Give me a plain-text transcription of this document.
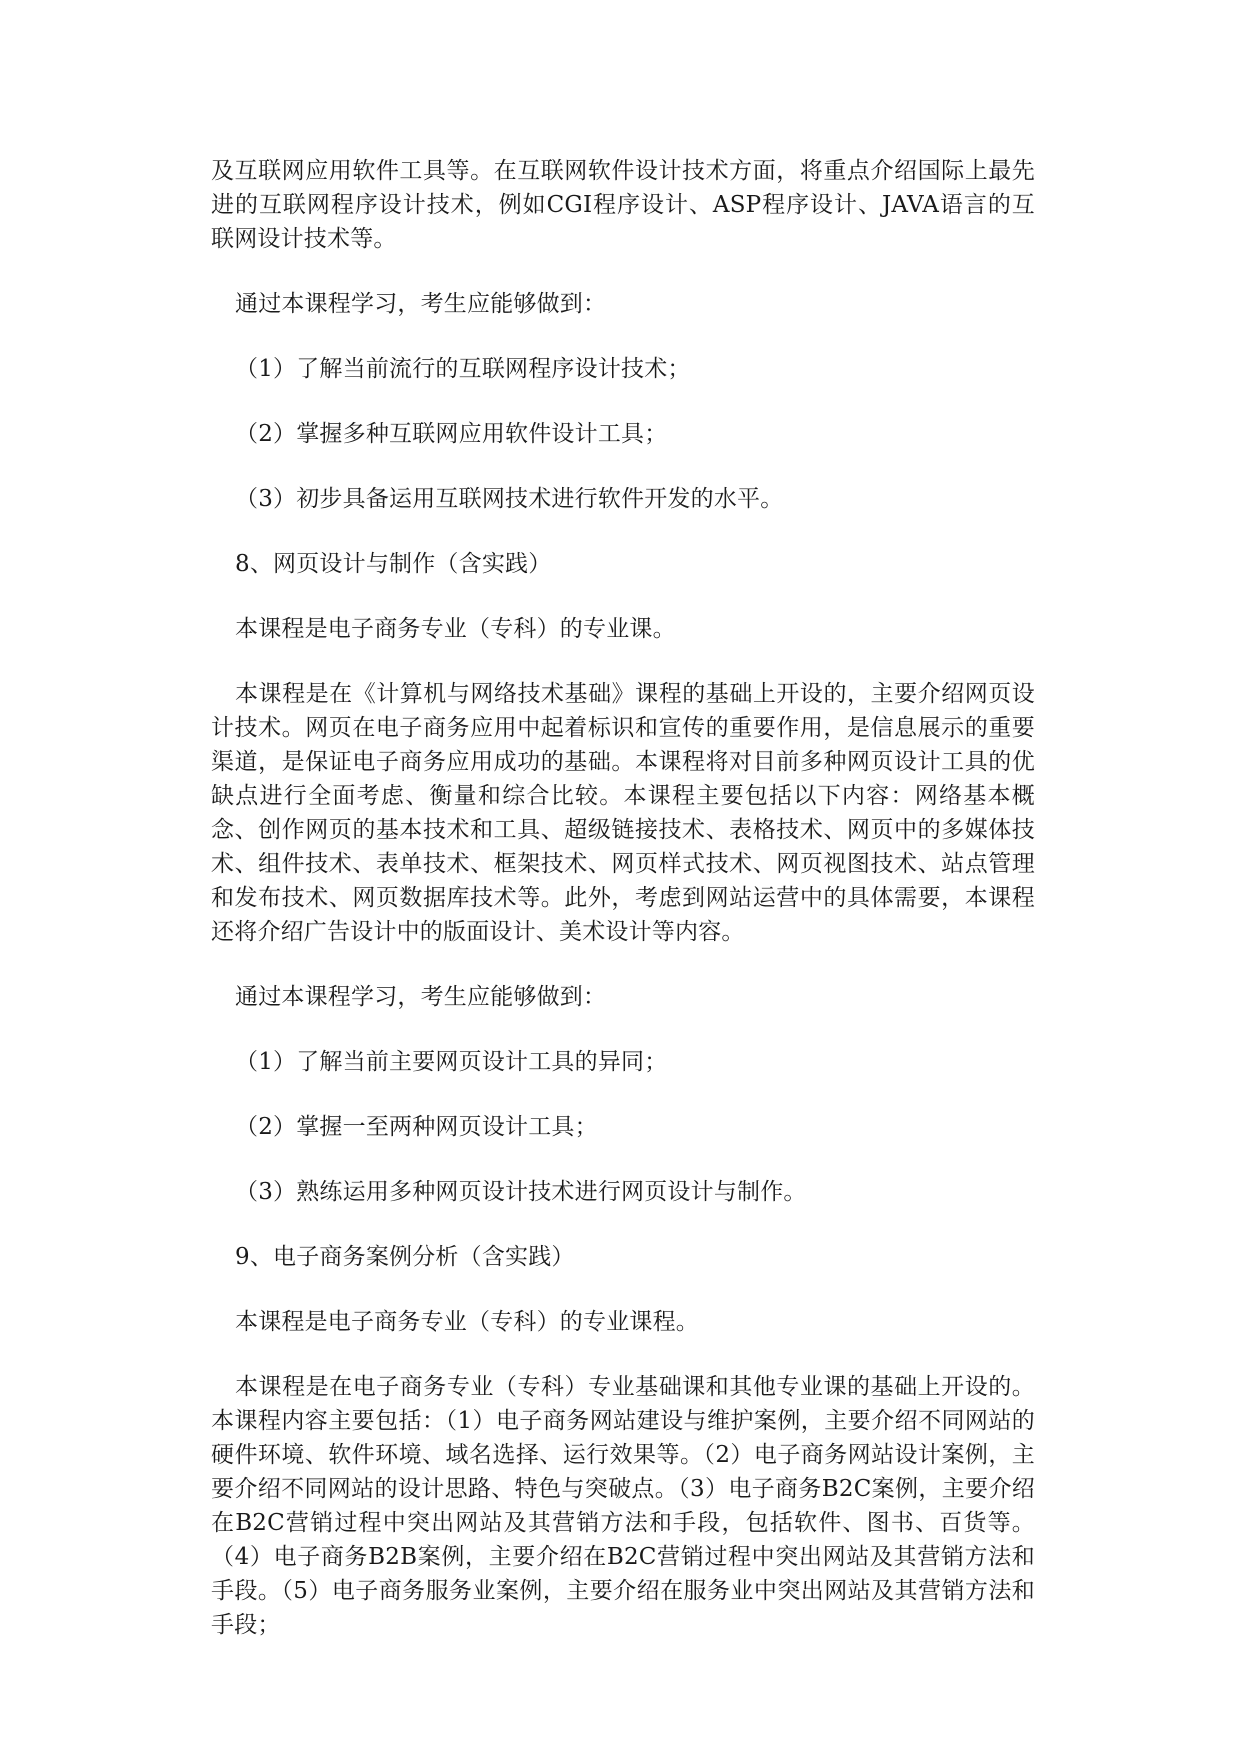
及互联网应用软件工具等。在互联网软件设计技术方面，将重点介绍国际上最先进的互联网程序设计技术，例如CGI程序设计、ASP程序设计、JAVA语言的互联网设计技术等。

通过本课程学习，考生应能够做到：

（1）了解当前流行的互联网程序设计技术；

（2）掌握多种互联网应用软件设计工具；

（3）初步具备运用互联网技术进行软件开发的水平。

8、网页设计与制作（含实践）

本课程是电子商务专业（专科）的专业课。

本课程是在《计算机与网络技术基础》课程的基础上开设的，主要介绍网页设计技术。网页在电子商务应用中起着标识和宣传的重要作用，是信息展示的重要渠道，是保证电子商务应用成功的基础。本课程将对目前多种网页设计工具的优缺点进行全面考虑、衡量和综合比较。本课程主要包括以下内容：网络基本概念、创作网页的基本技术和工具、超级链接技术、表格技术、网页中的多媒体技术、组件技术、表单技术、框架技术、网页样式技术、网页视图技术、站点管理和发布技术、网页数据库技术等。此外，考虑到网站运营中的具体需要，本课程还将介绍广告设计中的版面设计、美术设计等内容。

通过本课程学习，考生应能够做到：

（1）了解当前主要网页设计工具的异同；

（2）掌握一至两种网页设计工具；

（3）熟练运用多种网页设计技术进行网页设计与制作。

9、电子商务案例分析（含实践）

本课程是电子商务专业（专科）的专业课程。

本课程是在电子商务专业（专科）专业基础课和其他专业课的基础上开设的。本课程内容主要包括：（1）电子商务网站建设与维护案例，主要介绍不同网站的硬件环境、软件环境、域名选择、运行效果等。（2）电子商务网站设计案例，主要介绍不同网站的设计思路、特色与突破点。（3）电子商务B2C案例，主要介绍在B2C营销过程中突出网站及其营销方法和手段，包括软件、图书、百货等。（4）电子商务B2B案例，主要介绍在B2C营销过程中突出网站及其营销方法和手段。（5）电子商务服务业案例，主要介绍在服务业中突出网站及其营销方法和手段；
